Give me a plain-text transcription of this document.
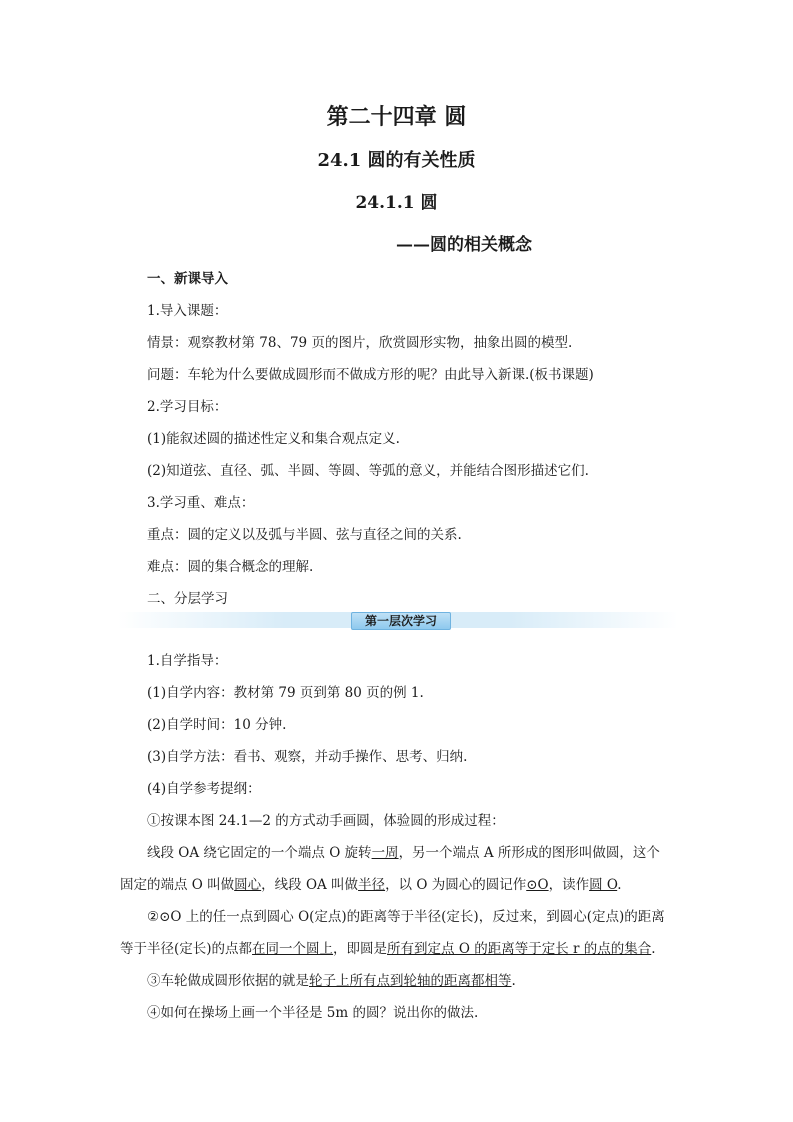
第二十四章 圆
24.1 圆的有关性质
24.1.1 圆
——圆的相关概念
一、新课导入
1.导入课题：
情景：观察教材第 78、79 页的图片，欣赏圆形实物，抽象出圆的模型.
问题：车轮为什么要做成圆形而不做成方形的呢？由此导入新课.(板书课题)
2.学习目标：
(1)能叙述圆的描述性定义和集合观点定义.
(2)知道弦、直径、弧、半圆、等圆、等弧的意义，并能结合图形描述它们.
3.学习重、难点：
重点：圆的定义以及弧与半圆、弦与直径之间的关系.
难点：圆的集合概念的理解.
二、分层学习
第一层次学习
1.自学指导：
(1)自学内容：教材第 79 页到第 80 页的例 1.
(2)自学时间：10 分钟.
(3)自学方法：看书、观察，并动手操作、思考、归纳.
(4)自学参考提纲：
①按课本图 24.1—2 的方式动手画圆，体验圆的形成过程：
线段 OA 绕它固定的一个端点 O 旋转一周，另一个端点 A 所形成的图形叫做圆，这个
固定的端点 O 叫做圆心，线段 OA 叫做半径，以 O 为圆心的圆记作⊙O，读作圆 O.
②⊙O 上的任一点到圆心 O(定点)的距离等于半径(定长)，反过来，到圆心(定点)的距离
等于半径(定长)的点都在同一个圆上，即圆是所有到定点 O 的距离等于定长 r 的点的集合.
③车轮做成圆形依据的就是轮子上所有点到轮轴的距离都相等.
④如何在操场上画一个半径是 5m 的圆？说出你的做法.
